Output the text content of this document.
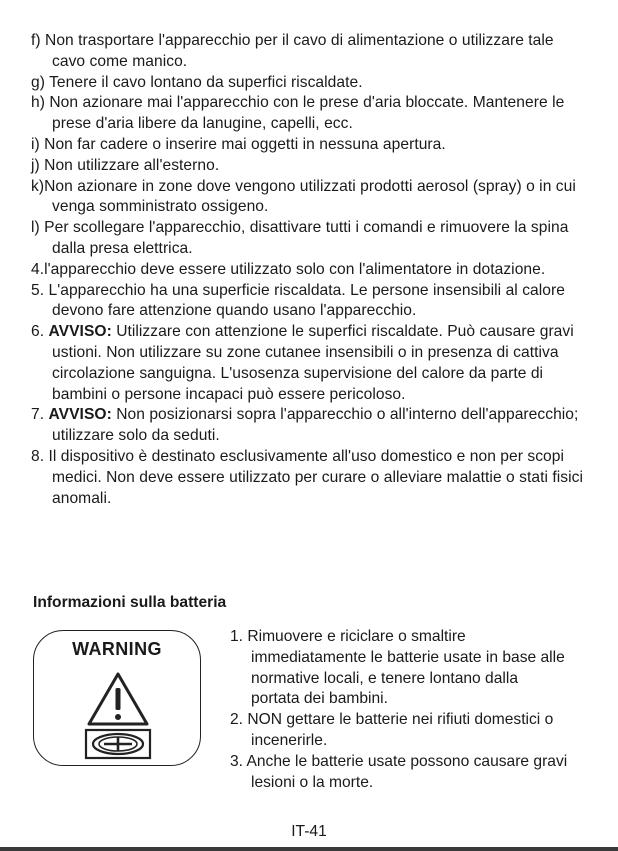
f) Non trasportare l'apparecchio per il cavo di alimentazione o utilizzare tale cavo come manico.

g) Tenere il cavo lontano da superfici riscaldate.

h) Non azionare mai l'apparecchio con le prese d'aria bloccate. Mantenere le prese d'aria libere da lanugine, capelli, ecc.

i) Non far cadere o inserire mai oggetti in nessuna apertura.

j) Non utilizzare all'esterno.

k)Non azionare in zone dove vengono utilizzati prodotti aerosol (spray) o in cui venga somministrato ossigeno.

l) Per scollegare l'apparecchio, disattivare tutti i comandi e rimuovere la spina dalla presa elettrica.

4.l'apparecchio deve essere utilizzato solo con l'alimentatore in dotazione.

5. L'apparecchio ha una superficie riscaldata. Le persone insensibili al calore devono fare attenzione quando usano l'apparecchio.

6. AVVISO: Utilizzare con attenzione le superfici riscaldate. Può causare gravi ustioni. Non utilizzare su zone cutanee insensibili o in presenza di cattiva circolazione sanguigna. L'usosenza supervisione del calore da parte di bambini o persone incapaci può essere pericoloso.

7. AVVISO: Non posizionarsi sopra l'apparecchio o all'interno dell'apparecchio; utilizzare solo da seduti.

8. Il dispositivo è destinato esclusivamente all'uso domestico e non per scopi medici. Non deve essere utilizzato per curare o alleviare malattie o stati fisici anomali.

Informazioni sulla batteria

WARNING

1. Rimuovere e riciclare o smaltire immediatamente le batterie usate in base alle normative locali, e tenere lontano dalla portata dei bambini.

2. NON gettare le batterie nei rifiuti domestici o incenerirle.

3. Anche le batterie usate possono causare gravi lesioni o la morte.

IT-41
